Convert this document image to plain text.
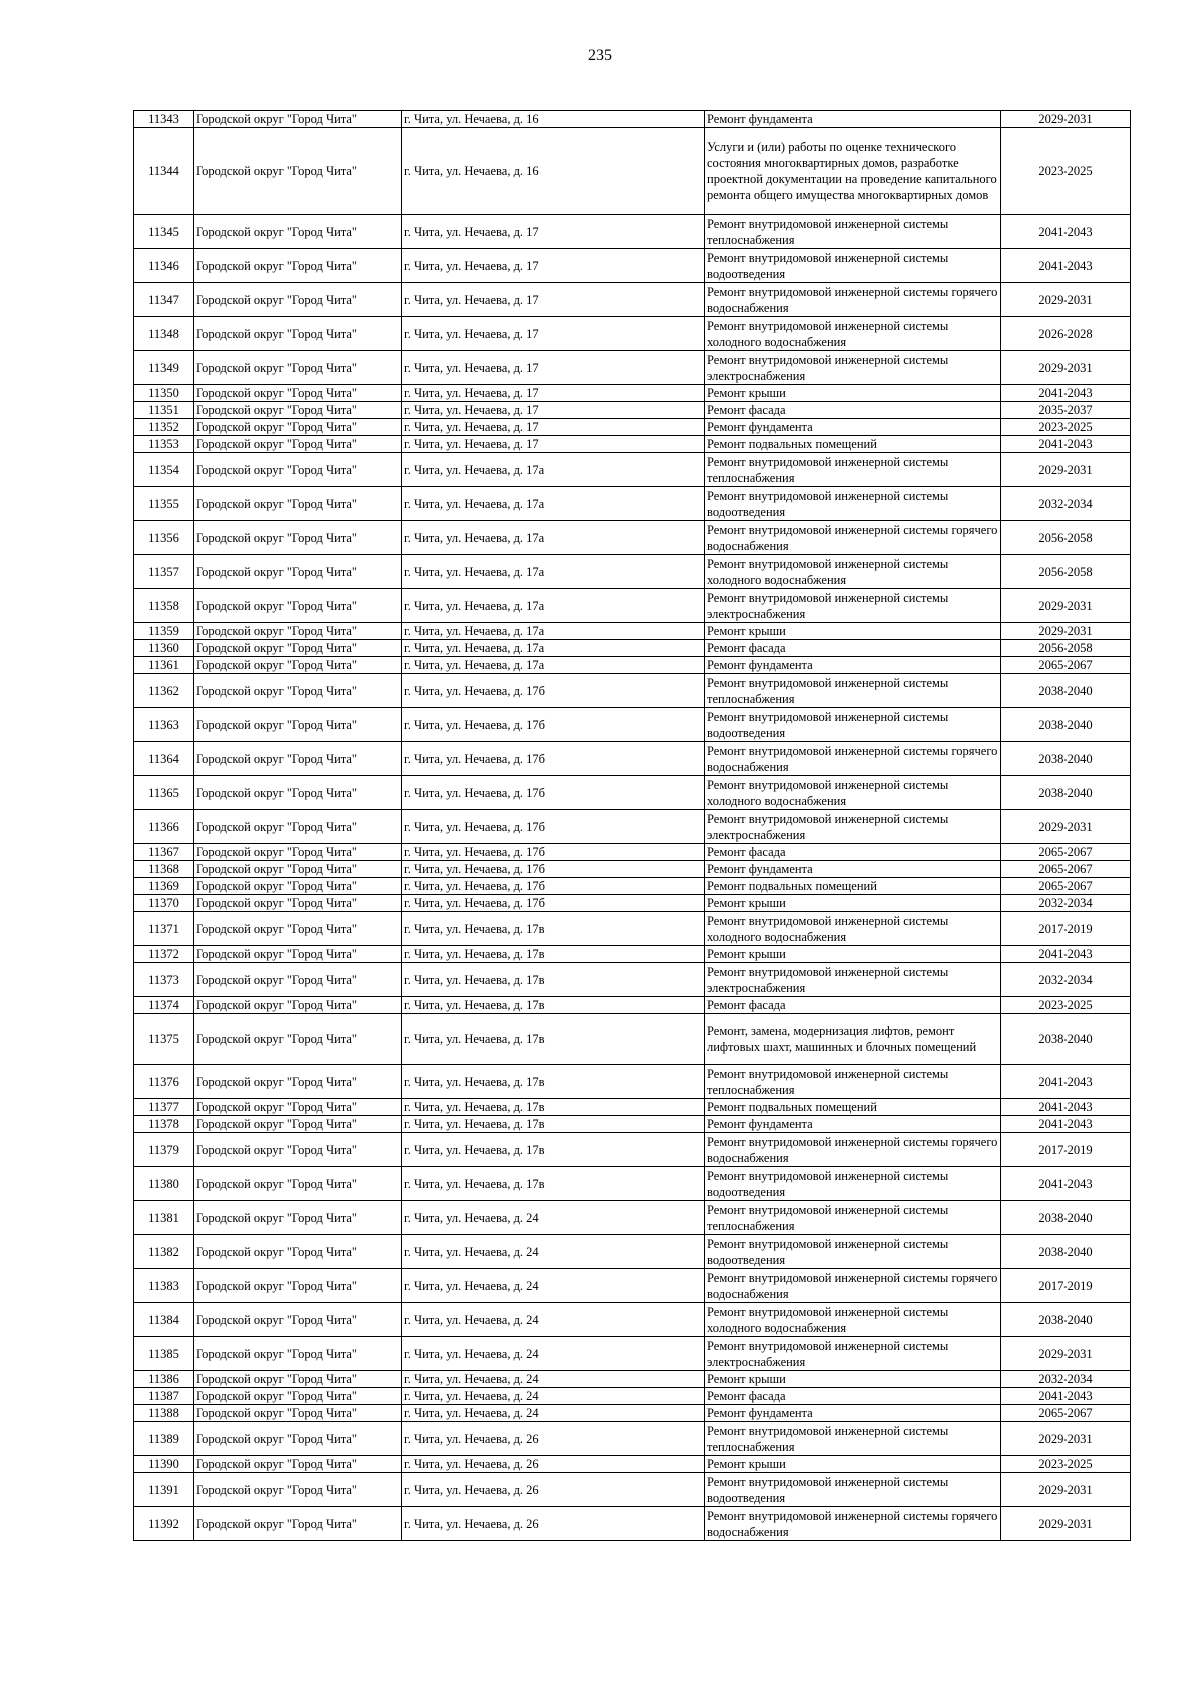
235
11343	Городской округ "Город Чита"	г. Чита, ул. Нечаева, д. 16	Ремонт фундамента	2029-2031
11344	Городской округ "Город Чита"	г. Чита, ул. Нечаева, д. 16	Услуги и (или) работы по оценке технического состояния многоквартирных домов, разработке проектной документации на проведение капитального ремонта общего имущества многоквартирных домов	2023-2025
11345	Городской округ "Город Чита"	г. Чита, ул. Нечаева, д. 17	Ремонт внутридомовой инженерной системы теплоснабжения	2041-2043
11346	Городской округ "Город Чита"	г. Чита, ул. Нечаева, д. 17	Ремонт внутридомовой инженерной системы водоотведения	2041-2043
11347	Городской округ "Город Чита"	г. Чита, ул. Нечаева, д. 17	Ремонт внутридомовой инженерной системы горячего водоснабжения	2029-2031
11348	Городской округ "Город Чита"	г. Чита, ул. Нечаева, д. 17	Ремонт внутридомовой инженерной системы холодного водоснабжения	2026-2028
11349	Городской округ "Город Чита"	г. Чита, ул. Нечаева, д. 17	Ремонт внутридомовой инженерной системы электроснабжения	2029-2031
11350	Городской округ "Город Чита"	г. Чита, ул. Нечаева, д. 17	Ремонт крыши	2041-2043
11351	Городской округ "Город Чита"	г. Чита, ул. Нечаева, д. 17	Ремонт фасада	2035-2037
11352	Городской округ "Город Чита"	г. Чита, ул. Нечаева, д. 17	Ремонт фундамента	2023-2025
11353	Городской округ "Город Чита"	г. Чита, ул. Нечаева, д. 17	Ремонт подвальных помещений	2041-2043
11354	Городской округ "Город Чита"	г. Чита, ул. Нечаева, д. 17а	Ремонт внутридомовой инженерной системы теплоснабжения	2029-2031
11355	Городской округ "Город Чита"	г. Чита, ул. Нечаева, д. 17а	Ремонт внутридомовой инженерной системы водоотведения	2032-2034
11356	Городской округ "Город Чита"	г. Чита, ул. Нечаева, д. 17а	Ремонт внутридомовой инженерной системы горячего водоснабжения	2056-2058
11357	Городской округ "Город Чита"	г. Чита, ул. Нечаева, д. 17а	Ремонт внутридомовой инженерной системы холодного водоснабжения	2056-2058
11358	Городской округ "Город Чита"	г. Чита, ул. Нечаева, д. 17а	Ремонт внутридомовой инженерной системы электроснабжения	2029-2031
11359	Городской округ "Город Чита"	г. Чита, ул. Нечаева, д. 17а	Ремонт крыши	2029-2031
11360	Городской округ "Город Чита"	г. Чита, ул. Нечаева, д. 17а	Ремонт фасада	2056-2058
11361	Городской округ "Город Чита"	г. Чита, ул. Нечаева, д. 17а	Ремонт фундамента	2065-2067
11362	Городской округ "Город Чита"	г. Чита, ул. Нечаева, д. 17б	Ремонт внутридомовой инженерной системы теплоснабжения	2038-2040
11363	Городской округ "Город Чита"	г. Чита, ул. Нечаева, д. 17б	Ремонт внутридомовой инженерной системы водоотведения	2038-2040
11364	Городской округ "Город Чита"	г. Чита, ул. Нечаева, д. 17б	Ремонт внутридомовой инженерной системы горячего водоснабжения	2038-2040
11365	Городской округ "Город Чита"	г. Чита, ул. Нечаева, д. 17б	Ремонт внутридомовой инженерной системы холодного водоснабжения	2038-2040
11366	Городской округ "Город Чита"	г. Чита, ул. Нечаева, д. 17б	Ремонт внутридомовой инженерной системы электроснабжения	2029-2031
11367	Городской округ "Город Чита"	г. Чита, ул. Нечаева, д. 17б	Ремонт фасада	2065-2067
11368	Городской округ "Город Чита"	г. Чита, ул. Нечаева, д. 17б	Ремонт фундамента	2065-2067
11369	Городской округ "Город Чита"	г. Чита, ул. Нечаева, д. 17б	Ремонт подвальных помещений	2065-2067
11370	Городской округ "Город Чита"	г. Чита, ул. Нечаева, д. 17б	Ремонт крыши	2032-2034
11371	Городской округ "Город Чита"	г. Чита, ул. Нечаева, д. 17в	Ремонт внутридомовой инженерной системы холодного водоснабжения	2017-2019
11372	Городской округ "Город Чита"	г. Чита, ул. Нечаева, д. 17в	Ремонт крыши	2041-2043
11373	Городской округ "Город Чита"	г. Чита, ул. Нечаева, д. 17в	Ремонт внутридомовой инженерной системы электроснабжения	2032-2034
11374	Городской округ "Город Чита"	г. Чита, ул. Нечаева, д. 17в	Ремонт фасада	2023-2025
11375	Городской округ "Город Чита"	г. Чита, ул. Нечаева, д. 17в	Ремонт, замена, модернизация лифтов, ремонт лифтовых шахт, машинных и блочных помещений	2038-2040
11376	Городской округ "Город Чита"	г. Чита, ул. Нечаева, д. 17в	Ремонт внутридомовой инженерной системы теплоснабжения	2041-2043
11377	Городской округ "Город Чита"	г. Чита, ул. Нечаева, д. 17в	Ремонт подвальных помещений	2041-2043
11378	Городской округ "Город Чита"	г. Чита, ул. Нечаева, д. 17в	Ремонт фундамента	2041-2043
11379	Городской округ "Город Чита"	г. Чита, ул. Нечаева, д. 17в	Ремонт внутридомовой инженерной системы горячего водоснабжения	2017-2019
11380	Городской округ "Город Чита"	г. Чита, ул. Нечаева, д. 17в	Ремонт внутридомовой инженерной системы водоотведения	2041-2043
11381	Городской округ "Город Чита"	г. Чита, ул. Нечаева, д. 24	Ремонт внутридомовой инженерной системы теплоснабжения	2038-2040
11382	Городской округ "Город Чита"	г. Чита, ул. Нечаева, д. 24	Ремонт внутридомовой инженерной системы водоотведения	2038-2040
11383	Городской округ "Город Чита"	г. Чита, ул. Нечаева, д. 24	Ремонт внутридомовой инженерной системы горячего водоснабжения	2017-2019
11384	Городской округ "Город Чита"	г. Чита, ул. Нечаева, д. 24	Ремонт внутридомовой инженерной системы холодного водоснабжения	2038-2040
11385	Городской округ "Город Чита"	г. Чита, ул. Нечаева, д. 24	Ремонт внутридомовой инженерной системы электроснабжения	2029-2031
11386	Городской округ "Город Чита"	г. Чита, ул. Нечаева, д. 24	Ремонт крыши	2032-2034
11387	Городской округ "Город Чита"	г. Чита, ул. Нечаева, д. 24	Ремонт фасада	2041-2043
11388	Городской округ "Город Чита"	г. Чита, ул. Нечаева, д. 24	Ремонт фундамента	2065-2067
11389	Городской округ "Город Чита"	г. Чита, ул. Нечаева, д. 26	Ремонт внутридомовой инженерной системы теплоснабжения	2029-2031
11390	Городской округ "Город Чита"	г. Чита, ул. Нечаева, д. 26	Ремонт крыши	2023-2025
11391	Городской округ "Город Чита"	г. Чита, ул. Нечаева, д. 26	Ремонт внутридомовой инженерной системы водоотведения	2029-2031
11392	Городской округ "Город Чита"	г. Чита, ул. Нечаева, д. 26	Ремонт внутридомовой инженерной системы горячего водоснабжения	2029-2031
